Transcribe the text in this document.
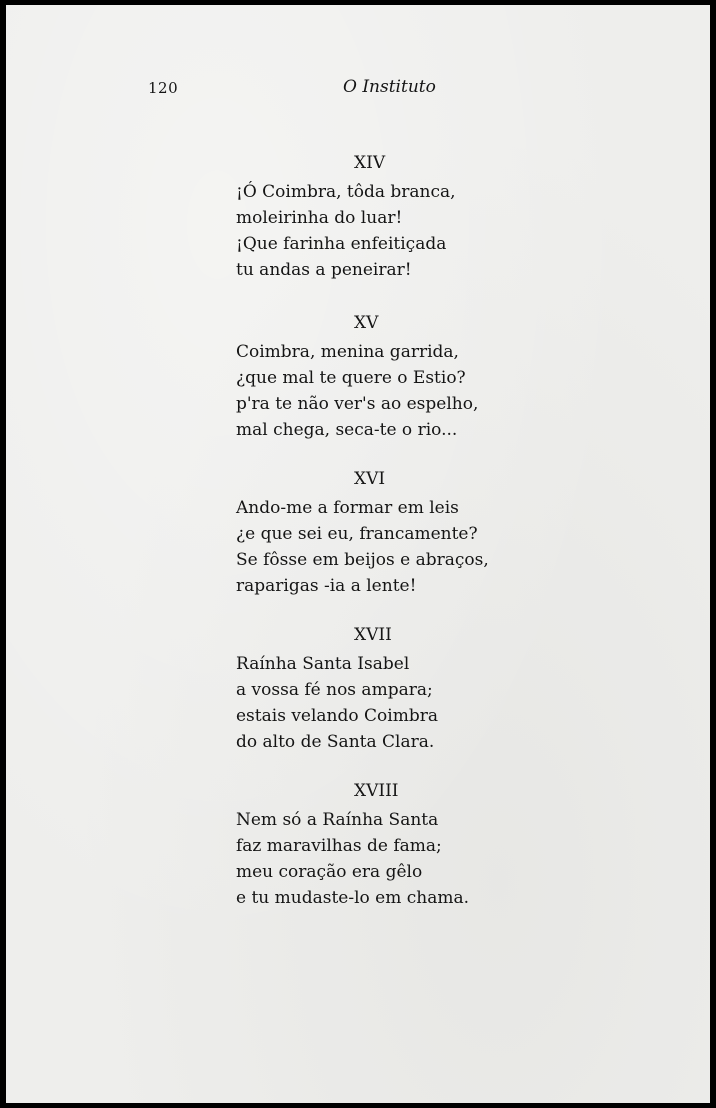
120	O Instituto
XIV
¡Ó Coimbra, tôda branca,
moleirinha do luar!
¡Que farinha enfeitiçada
tu andas a peneirar!
XV
Coimbra, menina garrida,
¿que mal te quere o Estio?
p'ra te não ver's ao espelho,
mal chega, seca-te o rio...
XVI
Ando-me a formar em leis
¿e que sei eu, francamente?
Se fôsse em beijos e abraços,
raparigas -ia a lente!
XVII
Raínha Santa Isabel
a vossa fé nos ampara;
estais velando Coimbra
do alto de Santa Clara.
XVIII
Nem só a Raínha Santa
faz maravilhas de fama;
meu coração era gêlo
e tu mudaste-lo em chama.
